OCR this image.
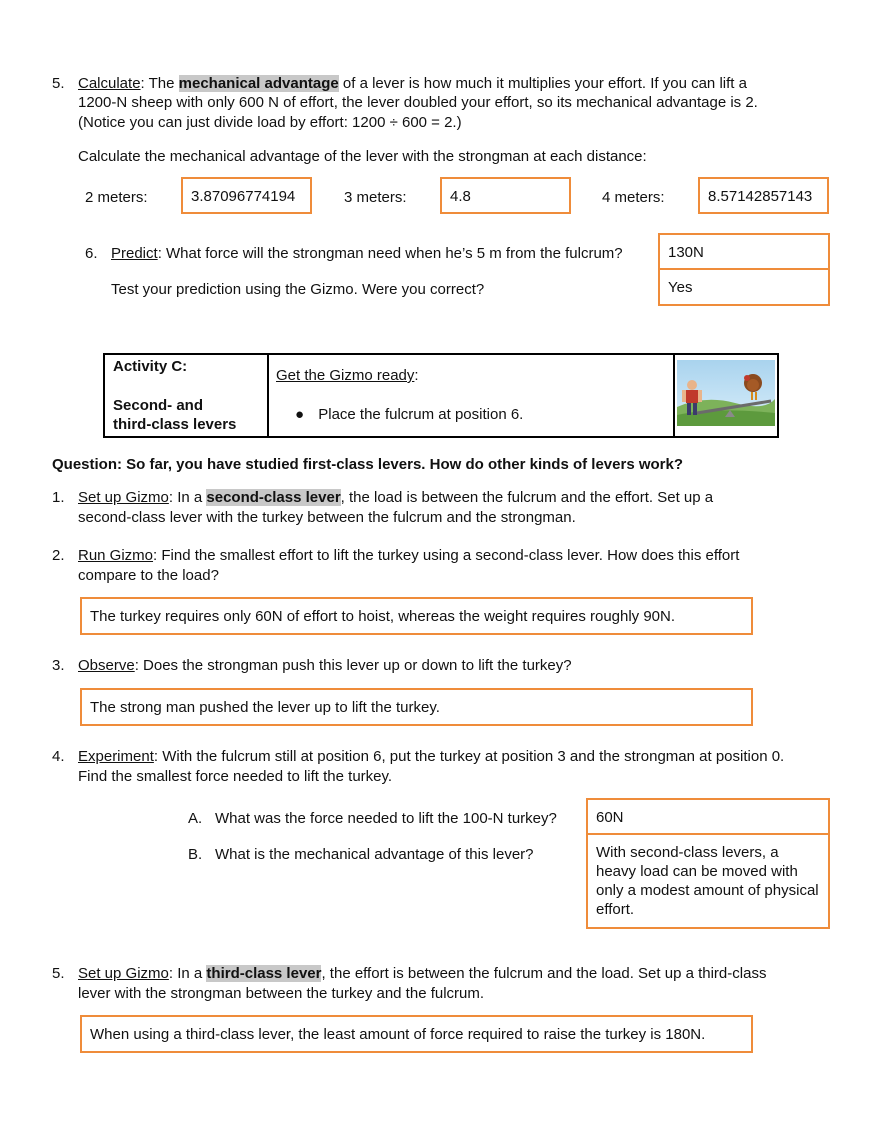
5. Calculate: The mechanical advantage of a lever is how much it multiplies your effort. If you can lift a
1200-N sheep with only 600 N of effort, the lever doubled your effort, so its mechanical advantage is 2.
(Notice you can just divide load by effort: 1200 ÷ 600 = 2.)
Calculate the mechanical advantage of the lever with the strongman at each distance:
2 meters:	3.87096774194	3 meters:	4.8	4 meters:	8.57142857143
6. Predict: What force will the strongman need when he’s 5 m from the fulcrum?	130N
Test your prediction using the Gizmo. Were you correct?	Yes
Activity C:
Second- and
third-class levers

Get the Gizmo ready:
● Place the fulcrum at position 6.

Question: So far, you have studied first-class levers. How do other kinds of levers work?
1. Set up Gizmo: In a second-class lever, the load is between the fulcrum and the effort. Set up a
second-class lever with the turkey between the fulcrum and the strongman.
2. Run Gizmo: Find the smallest effort to lift the turkey using a second-class lever. How does this effort
compare to the load?
The turkey requires only 60N of effort to hoist, whereas the weight requires roughly 90N.
3. Observe: Does the strongman push this lever up or down to lift the turkey?
The strong man pushed the lever up to lift the turkey.
4. Experiment: With the fulcrum still at position 6, put the turkey at position 3 and the strongman at position 0.
Find the smallest force needed to lift the turkey.
A. What was the force needed to lift the 100-N turkey?	60N
B. What is the mechanical advantage of this lever?	With second-class levers, a heavy load can be moved with only a modest amount of physical effort.
5. Set up Gizmo: In a third-class lever, the effort is between the fulcrum and the load. Set up a third-class
lever with the strongman between the turkey and the fulcrum.
When using a third-class lever, the least amount of force required to raise the turkey is 180N.
